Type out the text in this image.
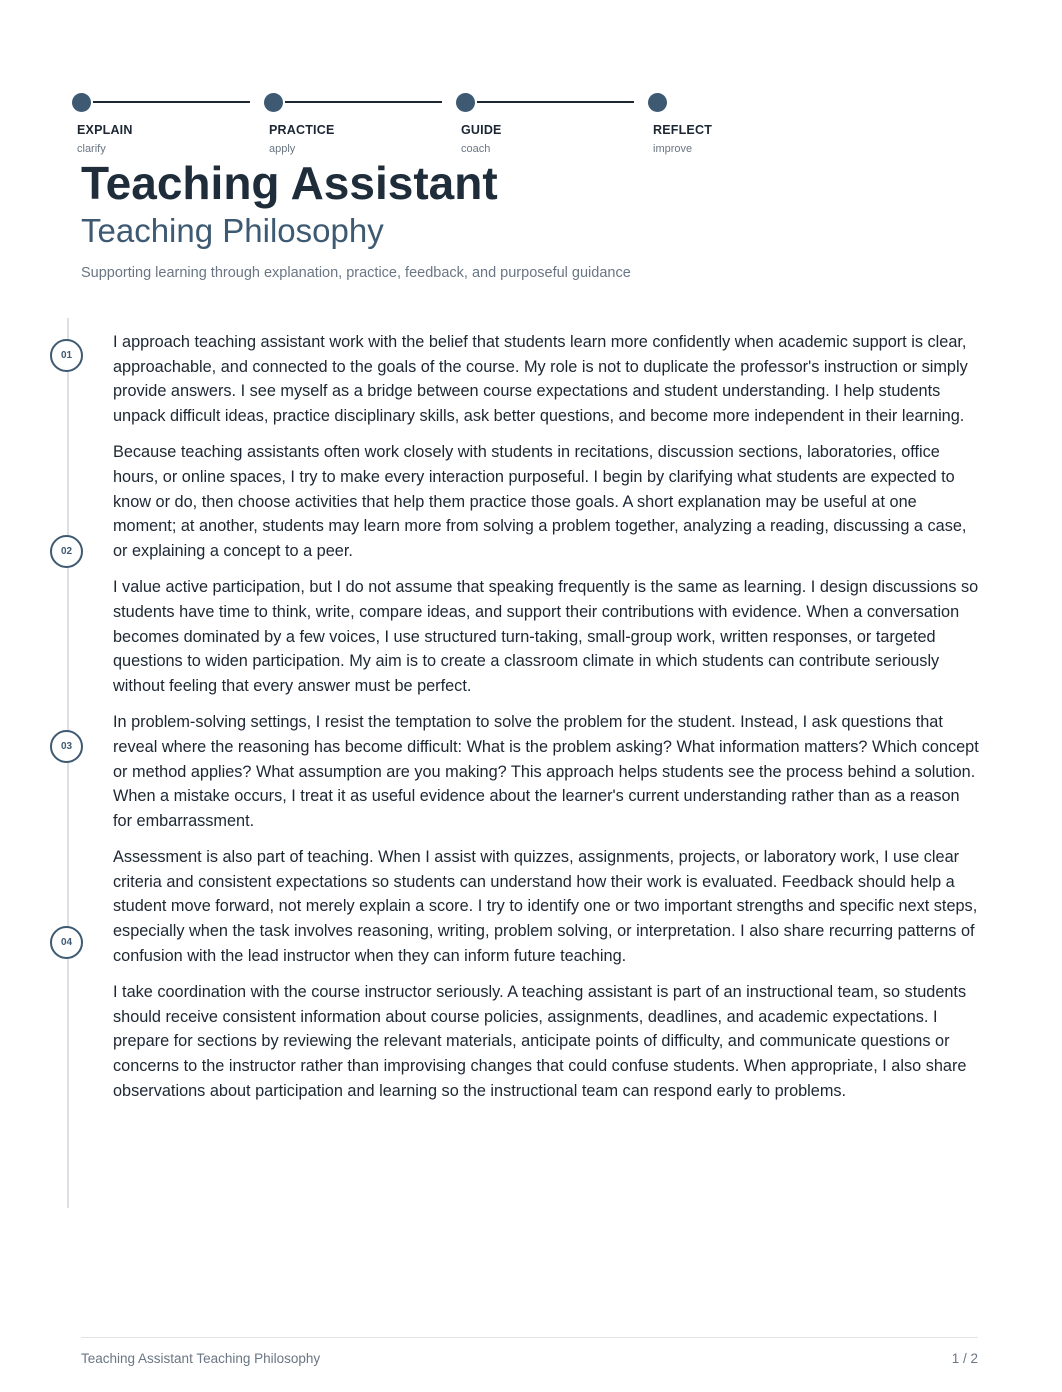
EXPLAIN
clarify
PRACTICE
apply
GUIDE
coach
REFLECT
improve
Teaching Assistant
Teaching Philosophy
Supporting learning through explanation, practice, feedback, and purposeful guidance
01
02
03
04

I approach teaching assistant work with the belief that students learn more confidently when academic support is clear, approachable, and connected to the goals of the course. My role is not to duplicate the professor's instruction or simply provide answers. I see myself as a bridge between course expectations and student understanding. I help students unpack difficult ideas, practice disciplinary skills, ask better questions, and become more independent in their learning.

Because teaching assistants often work closely with students in recitations, discussion sections, laboratories, office hours, or online spaces, I try to make every interaction purposeful. I begin by clarifying what students are expected to know or do, then choose activities that help them practice those goals. A short explanation may be useful at one moment; at another, students may learn more from solving a problem together, analyzing a reading, discussing a case, or explaining a concept to a peer.

I value active participation, but I do not assume that speaking frequently is the same as learning. I design discussions so students have time to think, write, compare ideas, and support their contributions with evidence. When a conversation becomes dominated by a few voices, I use structured turn-taking, small-group work, written responses, or targeted questions to widen participation. My aim is to create a classroom climate in which students can contribute seriously without feeling that every answer must be perfect.

In problem-solving settings, I resist the temptation to solve the problem for the student. Instead, I ask questions that reveal where the reasoning has become difficult: What is the problem asking? What information matters? Which concept or method applies? What assumption are you making? This approach helps students see the process behind a solution. When a mistake occurs, I treat it as useful evidence about the learner's current understanding rather than as a reason for embarrassment.

Assessment is also part of teaching. When I assist with quizzes, assignments, projects, or laboratory work, I use clear criteria and consistent expectations so students can understand how their work is evaluated. Feedback should help a student move forward, not merely explain a score. I try to identify one or two important strengths and specific next steps, especially when the task involves reasoning, writing, problem solving, or interpretation. I also share recurring patterns of confusion with the lead instructor when they can inform future teaching.

I take coordination with the course instructor seriously. A teaching assistant is part of an instructional team, so students should receive consistent information about course policies, assignments, deadlines, and academic expectations. I prepare for sections by reviewing the relevant materials, anticipate points of difficulty, and communicate questions or concerns to the instructor rather than improvising changes that could confuse students. When appropriate, I also share observations about participation and learning so the instructional team can respond early to problems.

Teaching Assistant Teaching Philosophy	1 / 2
